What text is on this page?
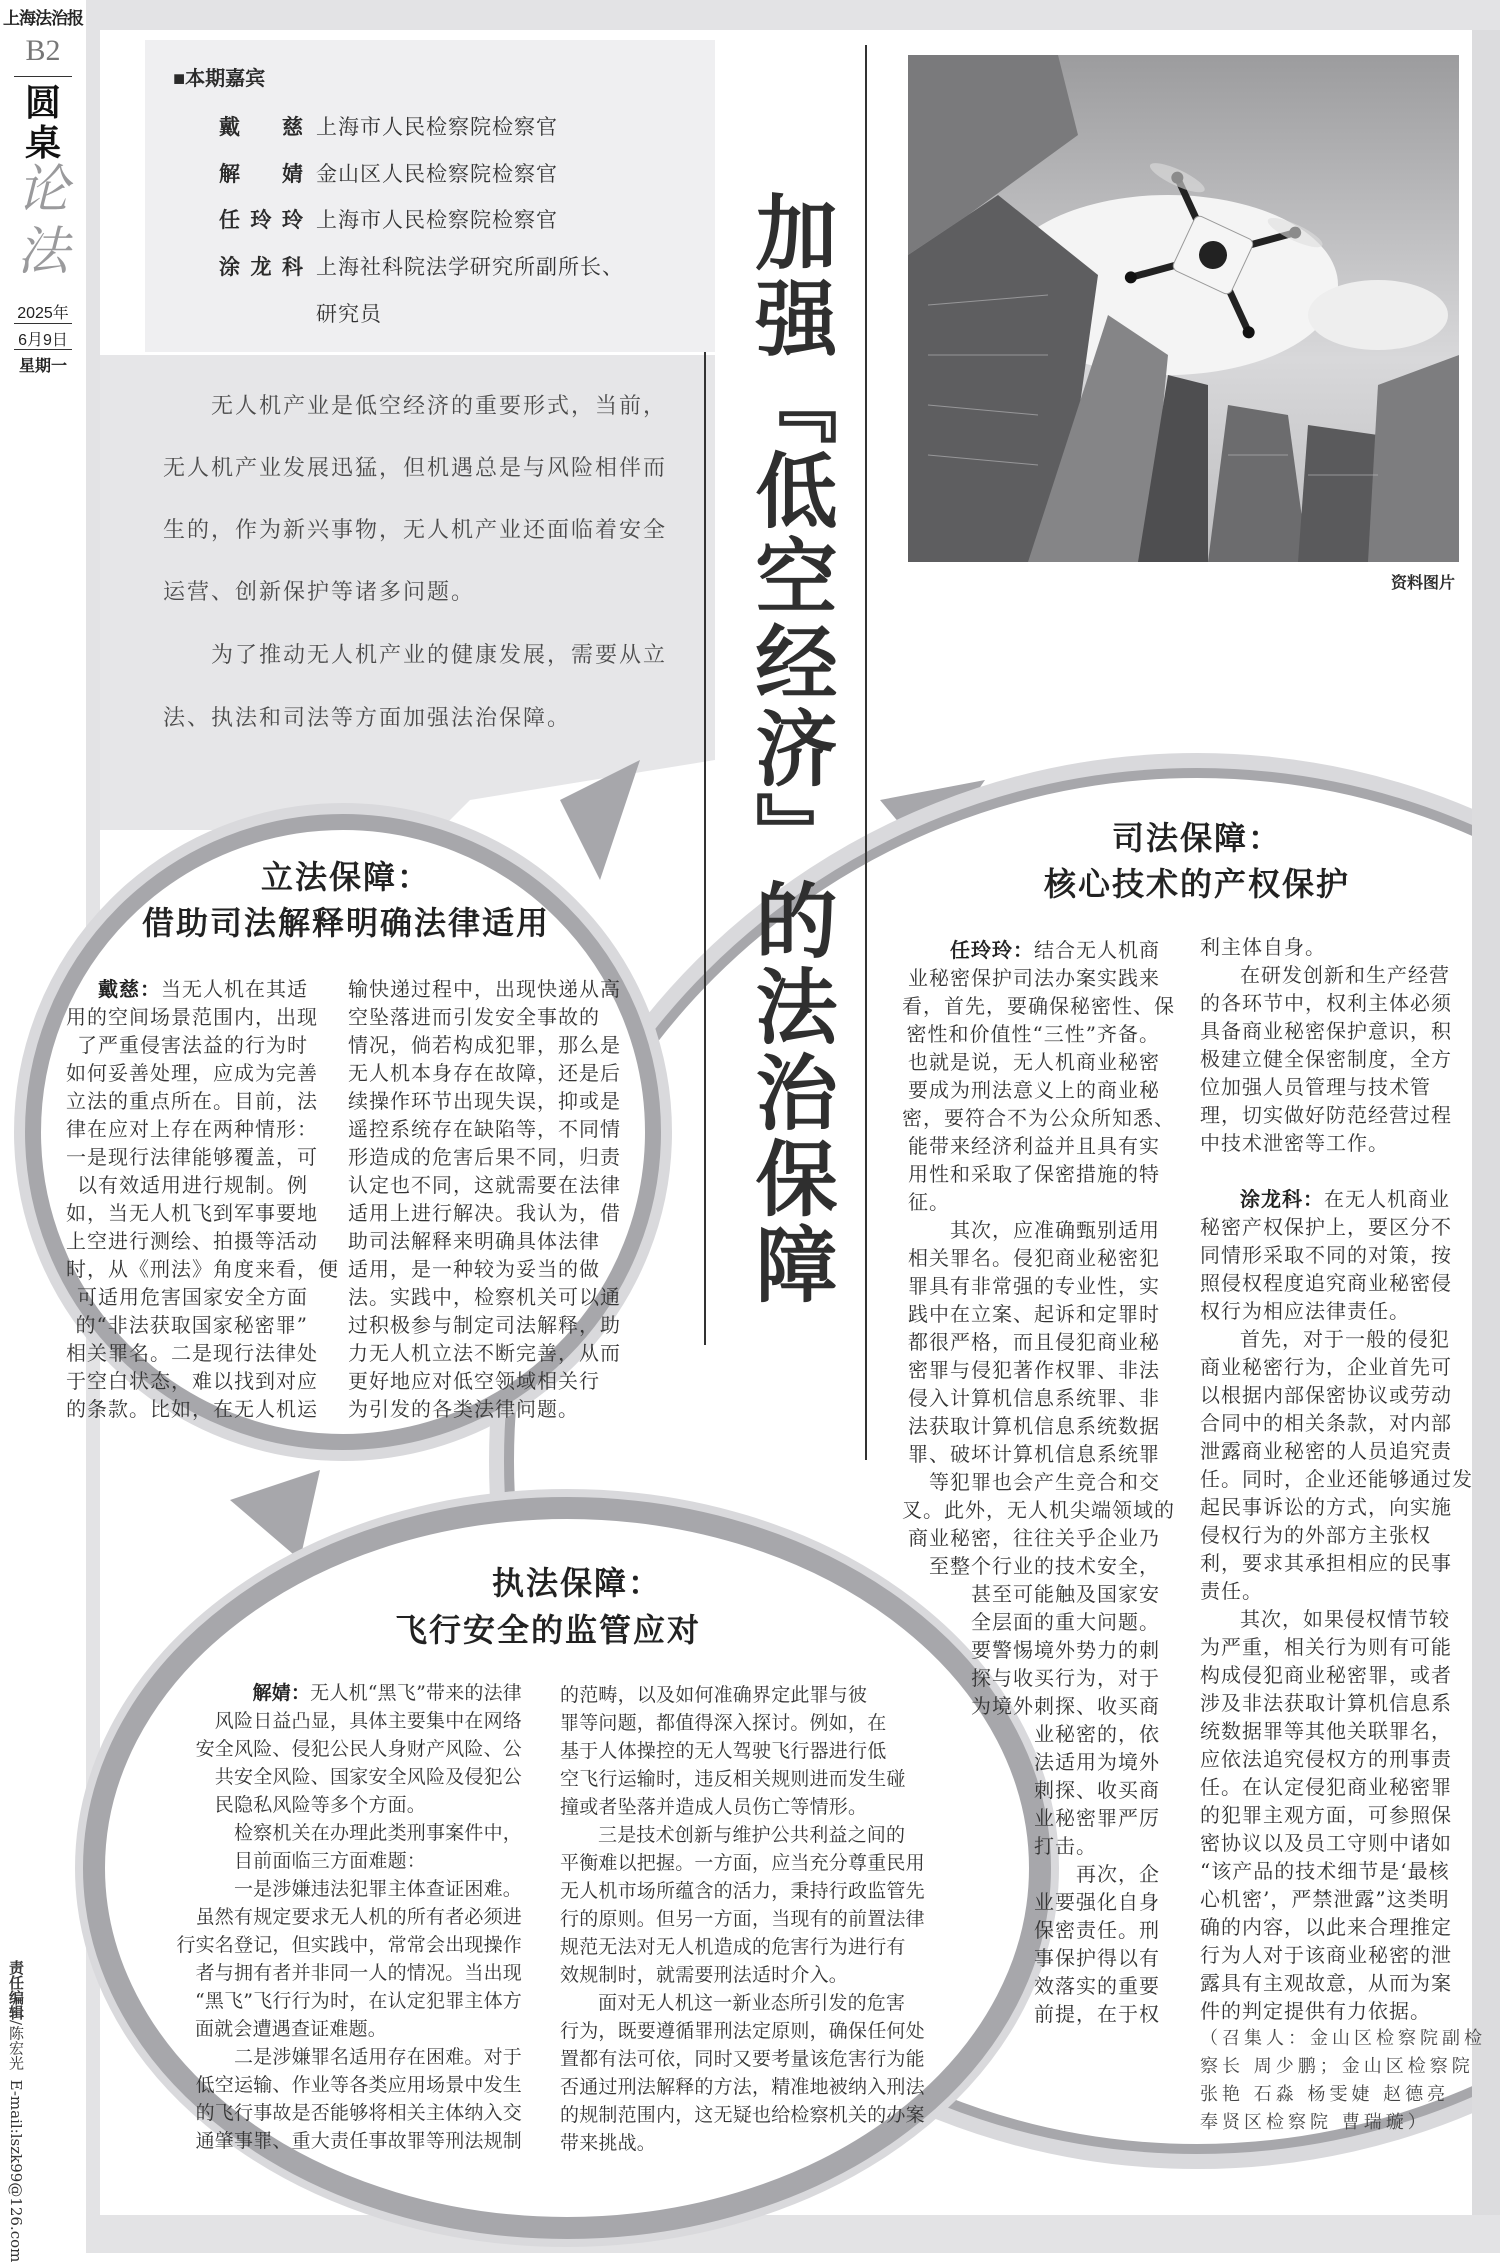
上海法治报
B2
圆
桌
论
法
2025年
6月9日
星期一
责任编辑/陈宏光  E-mail:lszk99@126.com
■本期嘉宾
戴慈 上海市人民检察院检察官
解婧 金山区人民检察院检察官
任玲玲 上海市人民检察院检察官
涂龙科 上海社科院法学研究所副所长、
研究员
　　无人机产业是低空经济的重要形式，当前，
无人机产业发展迅猛，但机遇总是与风险相伴而
生的，作为新兴事物，无人机产业还面临着安全
运营、创新保护等诸多问题。
　　为了推动无人机产业的健康发展，需要从立
法、执法和司法等方面加强法治保障。	加强『低空经济』的法治保障	资料图片
立法保障：
借助司法解释明确法律适用
司法保障：
核心技术的产权保护
执法保障：
飞行安全的监管应对
戴慈：当无人机在其适
用的空间场景范围内，出现
了严重侵害法益的行为时
如何妥善处理，应成为完善
立法的重点所在。目前，法
律在应对上存在两种情形：
一是现行法律能够覆盖，可
以有效适用进行规制。例
如，当无人机飞到军事要地
上空进行测绘、拍摄等活动
时，从《刑法》角度来看，便
可适用危害国家安全方面
的“非法获取国家秘密罪”
相关罪名。二是现行法律处
于空白状态，难以找到对应
的条款。比如，在无人机运
输快递过程中，出现快递从高
空坠落进而引发安全事故的
情况，倘若构成犯罪，那么是
无人机本身存在故障，还是后
续操作环节出现失误，抑或是
遥控系统存在缺陷等，不同情
形造成的危害后果不同，归责
认定也不同，这就需要在法律
适用上进行解决。我认为，借
助司法解释来明确具体法律
适用，是一种较为妥当的做
法。实践中，检察机关可以通
过积极参与制定司法解释，助
力无人机立法不断完善，从而
更好地应对低空领域相关行
为引发的各类法律问题。
任玲玲：结合无人机商
业秘密保护司法办案实践来
看，首先，要确保秘密性、保
密性和价值性“三性”齐备。
也就是说，无人机商业秘密
要成为刑法意义上的商业秘
密，要符合不为公众所知悉、
能带来经济利益并且具有实
用性和采取了保密措施的特
征。
其次，应准确甄别适用
相关罪名。侵犯商业秘密犯
罪具有非常强的专业性，实
践中在立案、起诉和定罪时
都很严格，而且侵犯商业秘
密罪与侵犯著作权罪、非法
侵入计算机信息系统罪、非
法获取计算机信息系统数据
罪、破坏计算机信息系统罪
等犯罪也会产生竞合和交
叉。此外，无人机尖端领域的
商业秘密，往往关乎企业乃
至整个行业的技术安全，
甚至可能触及国家安
全层面的重大问题。
要警惕境外势力的刺
探与收买行为，对于
为境外刺探、收买商
业秘密的，依
法适用为境外
刺探、收买商
业秘密罪严厉
打击。
再次，企
业要强化自身
保密责任。刑
事保护得以有
效落实的重要
前提，在于权
利主体自身。
在研发创新和生产经营
的各环节中，权利主体必须
具备商业秘密保护意识，积
极建立健全保密制度，全方
位加强人员管理与技术管
理，切实做好防范经营过程
中技术泄密等工作。
涂龙科：在无人机商业
秘密产权保护上，要区分不
同情形采取不同的对策，按
照侵权程度追究商业秘密侵
权行为相应法律责任。
首先，对于一般的侵犯
商业秘密行为，企业首先可
以根据内部保密协议或劳动
合同中的相关条款，对内部
泄露商业秘密的人员追究责
任。同时，企业还能够通过发
起民事诉讼的方式，向实施
侵权行为的外部方主张权
利，要求其承担相应的民事
责任。
其次，如果侵权情节较
为严重，相关行为则有可能
构成侵犯商业秘密罪，或者
涉及非法获取计算机信息系
统数据罪等其他关联罪名，
应依法追究侵权方的刑事责
任。在认定侵犯商业秘密罪
的犯罪主观方面，可参照保
密协议以及员工守则中诸如
“该产品的技术细节是‘最核
心机密’，严禁泄露”这类明
确的内容，以此来合理推定
行为人对于该商业秘密的泄
露具有主观故意，从而为案
件的判定提供有力依据。
（召集人：金山区检察院副检
察长 周少鹏；金山区检察院
张艳 石淼 杨雯婕 赵德亮
奉贤区检察院 曹瑞璇）
解婧：无人机“黑飞”带来的法律
风险日益凸显，具体主要集中在网络
安全风险、侵犯公民人身财产风险、公
共安全风险、国家安全风险及侵犯公
民隐私风险等多个方面。
检察机关在办理此类刑事案件中，
目前面临三方面难题：
一是涉嫌违法犯罪主体查证困难。
虽然有规定要求无人机的所有者必须进
行实名登记，但实践中，常常会出现操作
者与拥有者并非同一人的情况。当出现
“黑飞”飞行行为时，在认定犯罪主体方
面就会遭遇查证难题。
二是涉嫌罪名适用存在困难。对于
低空运输、作业等各类应用场景中发生
的飞行事故是否能够将相关主体纳入交
通肇事罪、重大责任事故罪等刑法规制
的范畴，以及如何准确界定此罪与彼
罪等问题，都值得深入探讨。例如，在
基于人体操控的无人驾驶飞行器进行低
空飞行运输时，违反相关规则进而发生碰
撞或者坠落并造成人员伤亡等情形。
三是技术创新与维护公共利益之间的
平衡难以把握。一方面，应当充分尊重民用
无人机市场所蕴含的活力，秉持行政监管先
行的原则。但另一方面，当现有的前置法律
规范无法对无人机造成的危害行为进行有
效规制时，就需要刑法适时介入。
面对无人机这一新业态所引发的危害
行为，既要遵循罪刑法定原则，确保任何处
置都有法可依，同时又要考量该危害行为能
否通过刑法解释的方法，精准地被纳入刑法
的规制范围内，这无疑也给检察机关的办案
带来挑战。
